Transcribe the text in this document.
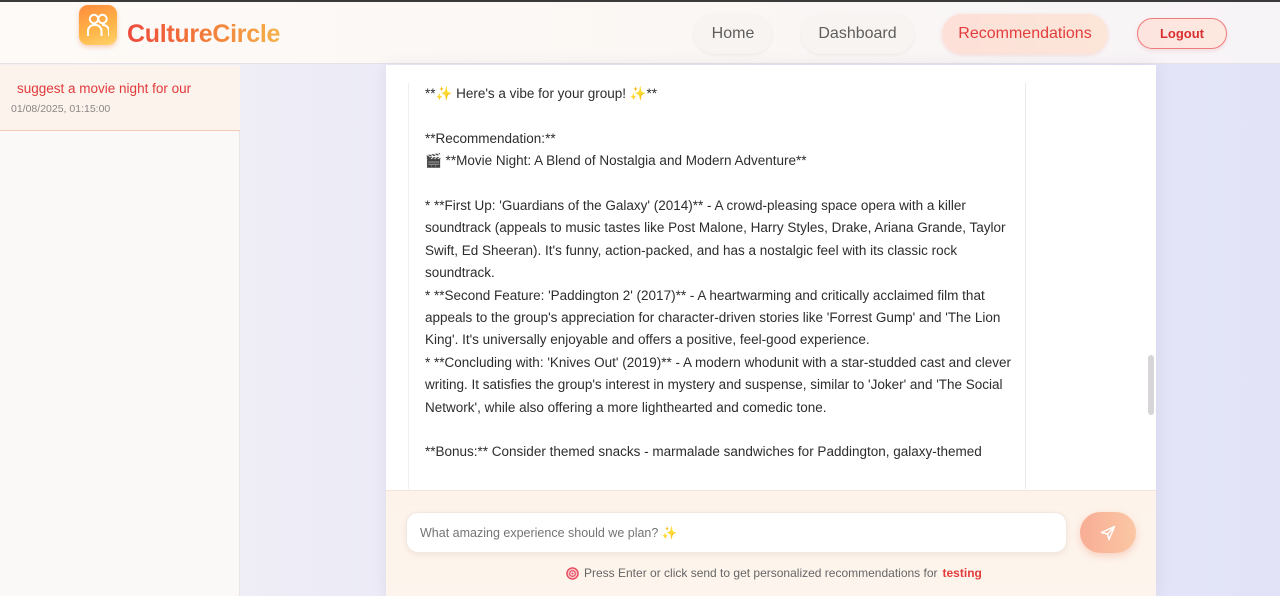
CultureCircle	Home	Dashboard	Recommendations	Logout
suggest a movie night for our
01/08/2025, 01:15:00

**✨ Here's a vibe for your group! ✨**

**Recommendation:**

🎬 **Movie Night: A Blend of Nostalgia and Modern Adventure**

* **First Up: 'Guardians of the Galaxy' (2014)** - A crowd-pleasing space opera with a killer soundtrack (appeals to music tastes like Post Malone, Harry Styles, Drake, Ariana Grande, Taylor Swift, Ed Sheeran). It's funny, action-packed, and has a nostalgic feel with its classic rock soundtrack.

* **Second Feature: 'Paddington 2' (2017)** - A heartwarming and critically acclaimed film that appeals to the group's appreciation for character-driven stories like 'Forrest Gump' and 'The Lion King'. It's universally enjoyable and offers a positive, feel-good experience.

* **Concluding with: 'Knives Out' (2019)** - A modern whodunit with a star-studded cast and clever writing. It satisfies the group's interest in mystery and suspense, similar to 'Joker' and 'The Social Network', while also offering a more lighthearted and comedic tone.

**Bonus:** Consider themed snacks - marmalade sandwiches for Paddington, galaxy-themed

What amazing experience should we plan? ✨
Press Enter or click send to get personalized recommendations for testing
